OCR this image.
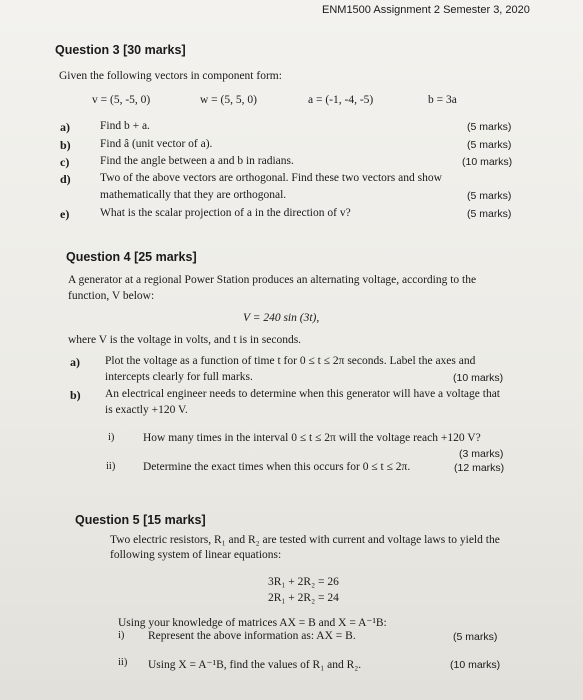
ENM1500 Assignment 2 Semester 3, 2020
Question 3 [30 marks]
Given the following vectors in component form:
v = (5, -5, 0)	w = (5, 5, 0)	a = (-1, -4, -5)	b = 3a
a)	Find b + a.	(5 marks)
b)	Find â (unit vector of a).	(5 marks)
c)	Find the angle between a and b in radians.	(10 marks)
d)	Two of the above vectors are orthogonal. Find these two vectors and show
mathematically that they are orthogonal.	(5 marks)
e)	What is the scalar projection of a in the direction of v?	(5 marks)
Question 4 [25 marks]
A generator at a regional Power Station produces an alternating voltage, according to the
function, V below:
V = 240 sin (3t),
where V is the voltage in volts, and t is in seconds.
a) Plot the voltage as a function of time t for 0 ≤ t ≤ 2π seconds. Label the axes and
intercepts clearly for full marks.	(10 marks)
b) An electrical engineer needs to determine when this generator will have a voltage that
is exactly +120 V.
i) How many times in the interval 0 ≤ t ≤ 2π will the voltage reach +120 V?
(3 marks)
ii) Determine the exact times when this occurs for 0 ≤ t ≤ 2π.	(12 marks)
Question 5 [15 marks]
Two electric resistors, R₁ and R₂ are tested with current and voltage laws to yield the
following system of linear equations:
3R₁ + 2R₂ = 26
2R₁ + 2R₂ = 24
Using your knowledge of matrices AX = B and X = A⁻¹B:
i) Represent the above information as: AX = B.	(5 marks)
ii) Using X = A⁻¹B, find the values of R₁ and R₂.	(10 marks)
